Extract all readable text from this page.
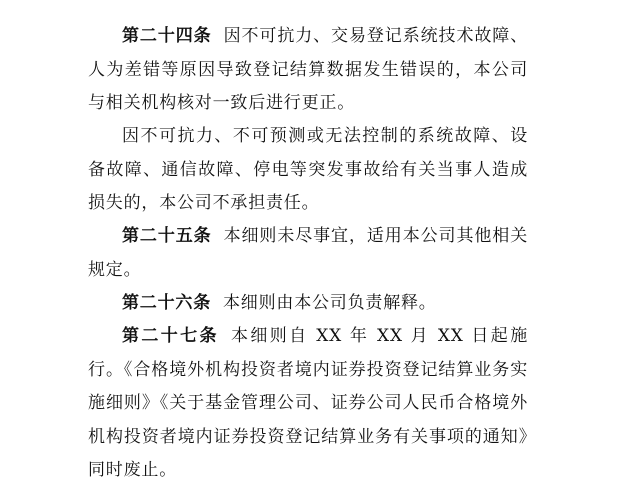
第二十四条 因不可抗力、交易登记系统技术故障、人为差错等原因导致登记结算数据发生错误的，本公司与相关机构核对一致后进行更正。

因不可抗力、不可预测或无法控制的系统故障、设备故障、通信故障、停电等突发事故给有关当事人造成损失的，本公司不承担责任。

第二十五条 本细则未尽事宜，适用本公司其他相关规定。

第二十六条 本细则由本公司负责解释。

第二十七条 本细则自 XX 年 XX 月 XX 日起施行。《合格境外机构投资者境内证券投资登记结算业务实施细则》《关于基金管理公司、证券公司人民币合格境外机构投资者境内证券投资登记结算业务有关事项的通知》同时废止。
